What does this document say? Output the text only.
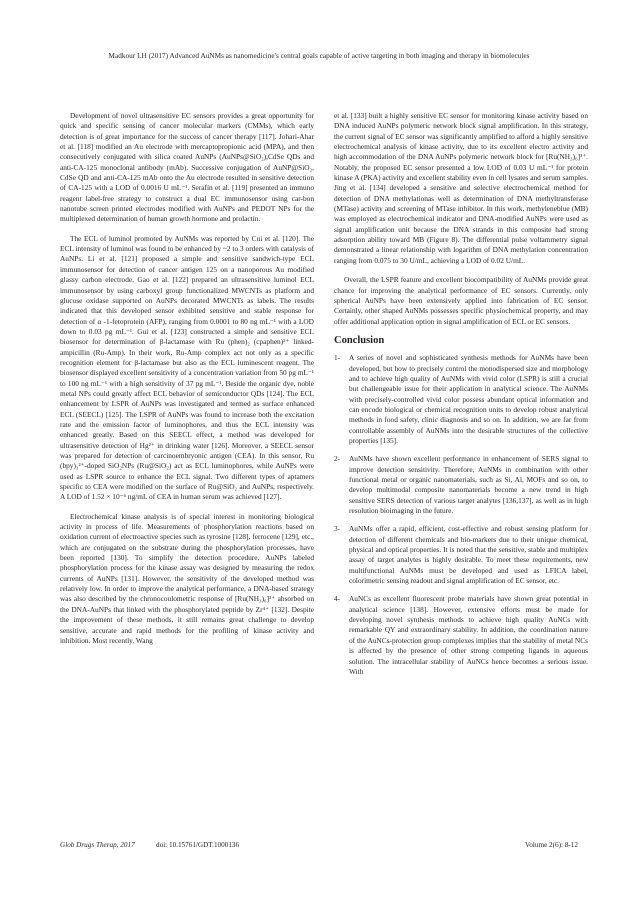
Madkour LH (2017) Advanced AuNMs as nanomedicine's central goals capable of active targeting in both imaging and therapy in biomolecules

Development of novel ultrasensitive EC sensors provides a great opportunity for quick and specific sensing of cancer molecular markers (CMMs), which early detection is of great importance for the success of cancer therapy [117]. Johari-Ahar et al. [118] modified an Au electrode with mercaptopropionic acid (MPA), and then consecutively conjugated with silica coated AuNPs (AuNPs@SiO₂),CdSe QDs and anti-CA-125 monoclonal antibody (mAb). Successive conjugation of AuNP@SiO₂, CdSe QD and anti-CA-125 mAb onto the Au electrode resulted in sensitive detection of CA-125 with a LOD of 0.0016 U mL⁻¹. Serafín et al. [119] presented an immuno reagent label-free strategy to construct a dual EC immunosensor using car-bon nanotube screen printed electrodes modified with AuNPs and PEDOT NPs for the multiplexed determination of human growth hormone and prolactin.

The ECL of luminol promoted by AuNMs was reported by Cui et al. [120]. The ECL intensity of luminol was found to be enhanced by ~2 to 3 orders with catalysis of AuNPs. Li et al. [121] proposed a simple and sensitive sandwich-type ECL immunosensor for detection of cancer antigen 125 on a nanoporous Au modified glassy carbon electrode. Gao et al. [122] prepared an ultrasensitive luminol ECL immunosensor by using carboxyl group functionalized MWCNTs as platform and glucose oxidase supported on AuNPs decorated MWCNTs as labels. The results indicated that this developed sensor exhibited sensitive and stable response for detection of α -1-fetoprotein (AFP), ranging from 0.0001 to 80 ng mL⁻¹ with a LOD down to 0.03 pg mL⁻¹. Gui et al. [123] constructed a simple and sensitive ECL biosensor for determination of β-lactamase with Ru (phen)₂ (cpaphen)²⁺ linked-ampicillin (Ru-Amp). In their work, Ru-Amp complex act not only as a specific recognition element for β-lactamase but also as the ECL luminescent reagent. The biosensor displayed excellent sensitivity of a concentration variation from 50 pg mL⁻¹ to 100 ng mL⁻¹ with a high sensitivity of 37 pg mL⁻¹. Beside the organic dye, noble metal NPs could greatly affect ECL behavior of semiconductor QDs [124]. The ECL enhancement by LSPR of AuNPs was investigated and termed as surface enhanced ECL (SEECL) [125]. The LSPR of AuNPs was found to increase both the excitation rate and the emission factor of luminophores, and thus the ECL intensity was enhanced greatly. Based on this SEECL effect, a method was developed for ultrasensitive detection of Hg²⁺ in drinking water [126]. Moreover, a SEECL sensor was prepared for detection of carcinoembryonic antigen (CEA). In this sensor, Ru (bpy)₃²⁺-doped SiO₂NPs (Ru@SiO₂) act as ECL luminophores, while AuNPs were used as LSPR source to enhance the ECL signal. Two different types of aptamers specific to CEA were modified on the surface of Ru@SiO₂ and AuNPs, respectively. A LOD of 1.52 × 10⁻⁶ ng/mL of CEA in human serum was achieved [127].

Electrochemical kinase analysis is of special interest in monitoring biological activity in process of life. Measurements of phosphorylation reactions based on oxidation current of electroactive species such as tyrosine [128], ferrocene [129], etc., which are conjugated on the substrate during the phosphorylation processes, have been reported [130]. To simplify the detection procedure, AuNPs labeled phosphorylation process for the kinase assay was designed by measuring the redox currents of AuNPs [131]. However, the sensitivity of the developed method was relatively low. In order to improve the analytical performance, a DNA-based strategy was also described by the chronocoulometric response of [Ru(NH₃)₆]³⁺ absorbed on the DNA-AuNPs that linked with the phosphorylated peptide by Zr⁴⁺ [132]. Despite the improvement of these methods, it still remains great challenge to develop sensitive, accurate and rapid methods for the profiling of kinase activity and inhibition. Most recently, Wang

et al. [133] built a highly sensitive EC sensor for monitoring kinase activity based on DNA induced AuNPs polymeric network block signal amplification. In this strategy, the current signal of EC sensor was significantly amplified to afford a highly sensitive electrochemical analysis of kinase activity, due to its excellent electro activity and high accommodation of the DNA AuNPs polymeric network block for [Ru(NH₃)₆]³⁺. Notably, the proposed EC sensor presented a low LOD of 0.03 U mL⁻¹ for protein kinase A (PKA) activity and excellent stability even in cell lysates and serum samples. Jing et al. [134] developed a sensitive and selective electrochemical method for detection of DNA methylationas well as determination of DNA methyltransferase (MTase) activity and screening of MTase inhibitor. In this work, methyleneblue (MB) was employed as electrochemical indicator and DNA-modified AuNPs were used as signal amplification unit because the DNA strands in this composite had strong adsorption ability toward MB (Figure 8). The differential pulse voltammetry signal demonstrated a linear relationship with logarithm of DNA methylation concentration ranging from 0.075 to 30 U/mL, achieving a LOD of 0.02 U/mL.

Overall, the LSPR feature and excellent biocompatibility of AuNMs provide great chance for improving the analytical performance of EC sensors. Currently, only spherical AuNPs have been extensively applied into fabrication of EC sensor. Certainly, other shaped AuNMs possesses specific physiochemical property, and may offer additional application option in signal amplification of ECL or EC sensors.

Conclusion
1-	A series of novel and sophisticated synthesis methods for AuNMs have been developed, but how to precisely control the monodispersed size and morphology and to achieve high quality of AuNMs with vivid color (LSPR) is still a crucial but challengeable issue for their application in analytical science. The AuNMs with precisely-controlled vivid color possess abundant optical information and can encode biological or chemical recognition units to develop robust analytical methods in food safety, clinic diagnosis and so on. In addition, we are far from controllable assembly of AuNMs into the desirable structures of the collective properties [135].
2-	AuNMs have shown excellent performance in enhancement of SERS signal to improve detection sensitivity. Therefore, AuNMs in combination with other functional metal or organic nanomaterials, such as Si, Al, MOFs and so on, to develop multimodal composite nanomaterials become a new trend in high sensitive SERS detection of various target analytes [136,137], as well as in high resolution bioimaging in the future.
3-	AuNMs offer a rapid, efficient, cost-effective and robust sensing platform for detection of different chemicals and bio-markers due to their unique chemical, physical and optical properties. It is noted that the sensitive, stable and multiplex assay of target analytes is highly desirable. To meet these requirements, new multifunctional AuNMs must be developed and used as LFICA label, colorimetric sensing readout and signal amplification of EC sensor, etc.
4-	AuNCs as excellent fluorescent probe materials have shown great potential in analytical science [138]. However, extensive efforts must be made for developing novel synthesis methods to achieve high quality AuNCs with remarkable QY and extraordinary stability. In addition, the coordination nature of the AuNCs-protection group complexes implies that the stability of metal NCs is affected by the presence of other strong competing ligands in aqueous solution. The intracellular stability of AuNCs hence becomes a serious issue. With
Glob Drugs Therap, 2017	doi: 10.15761/GDT.1000136	Volume 2(6): 8-12
